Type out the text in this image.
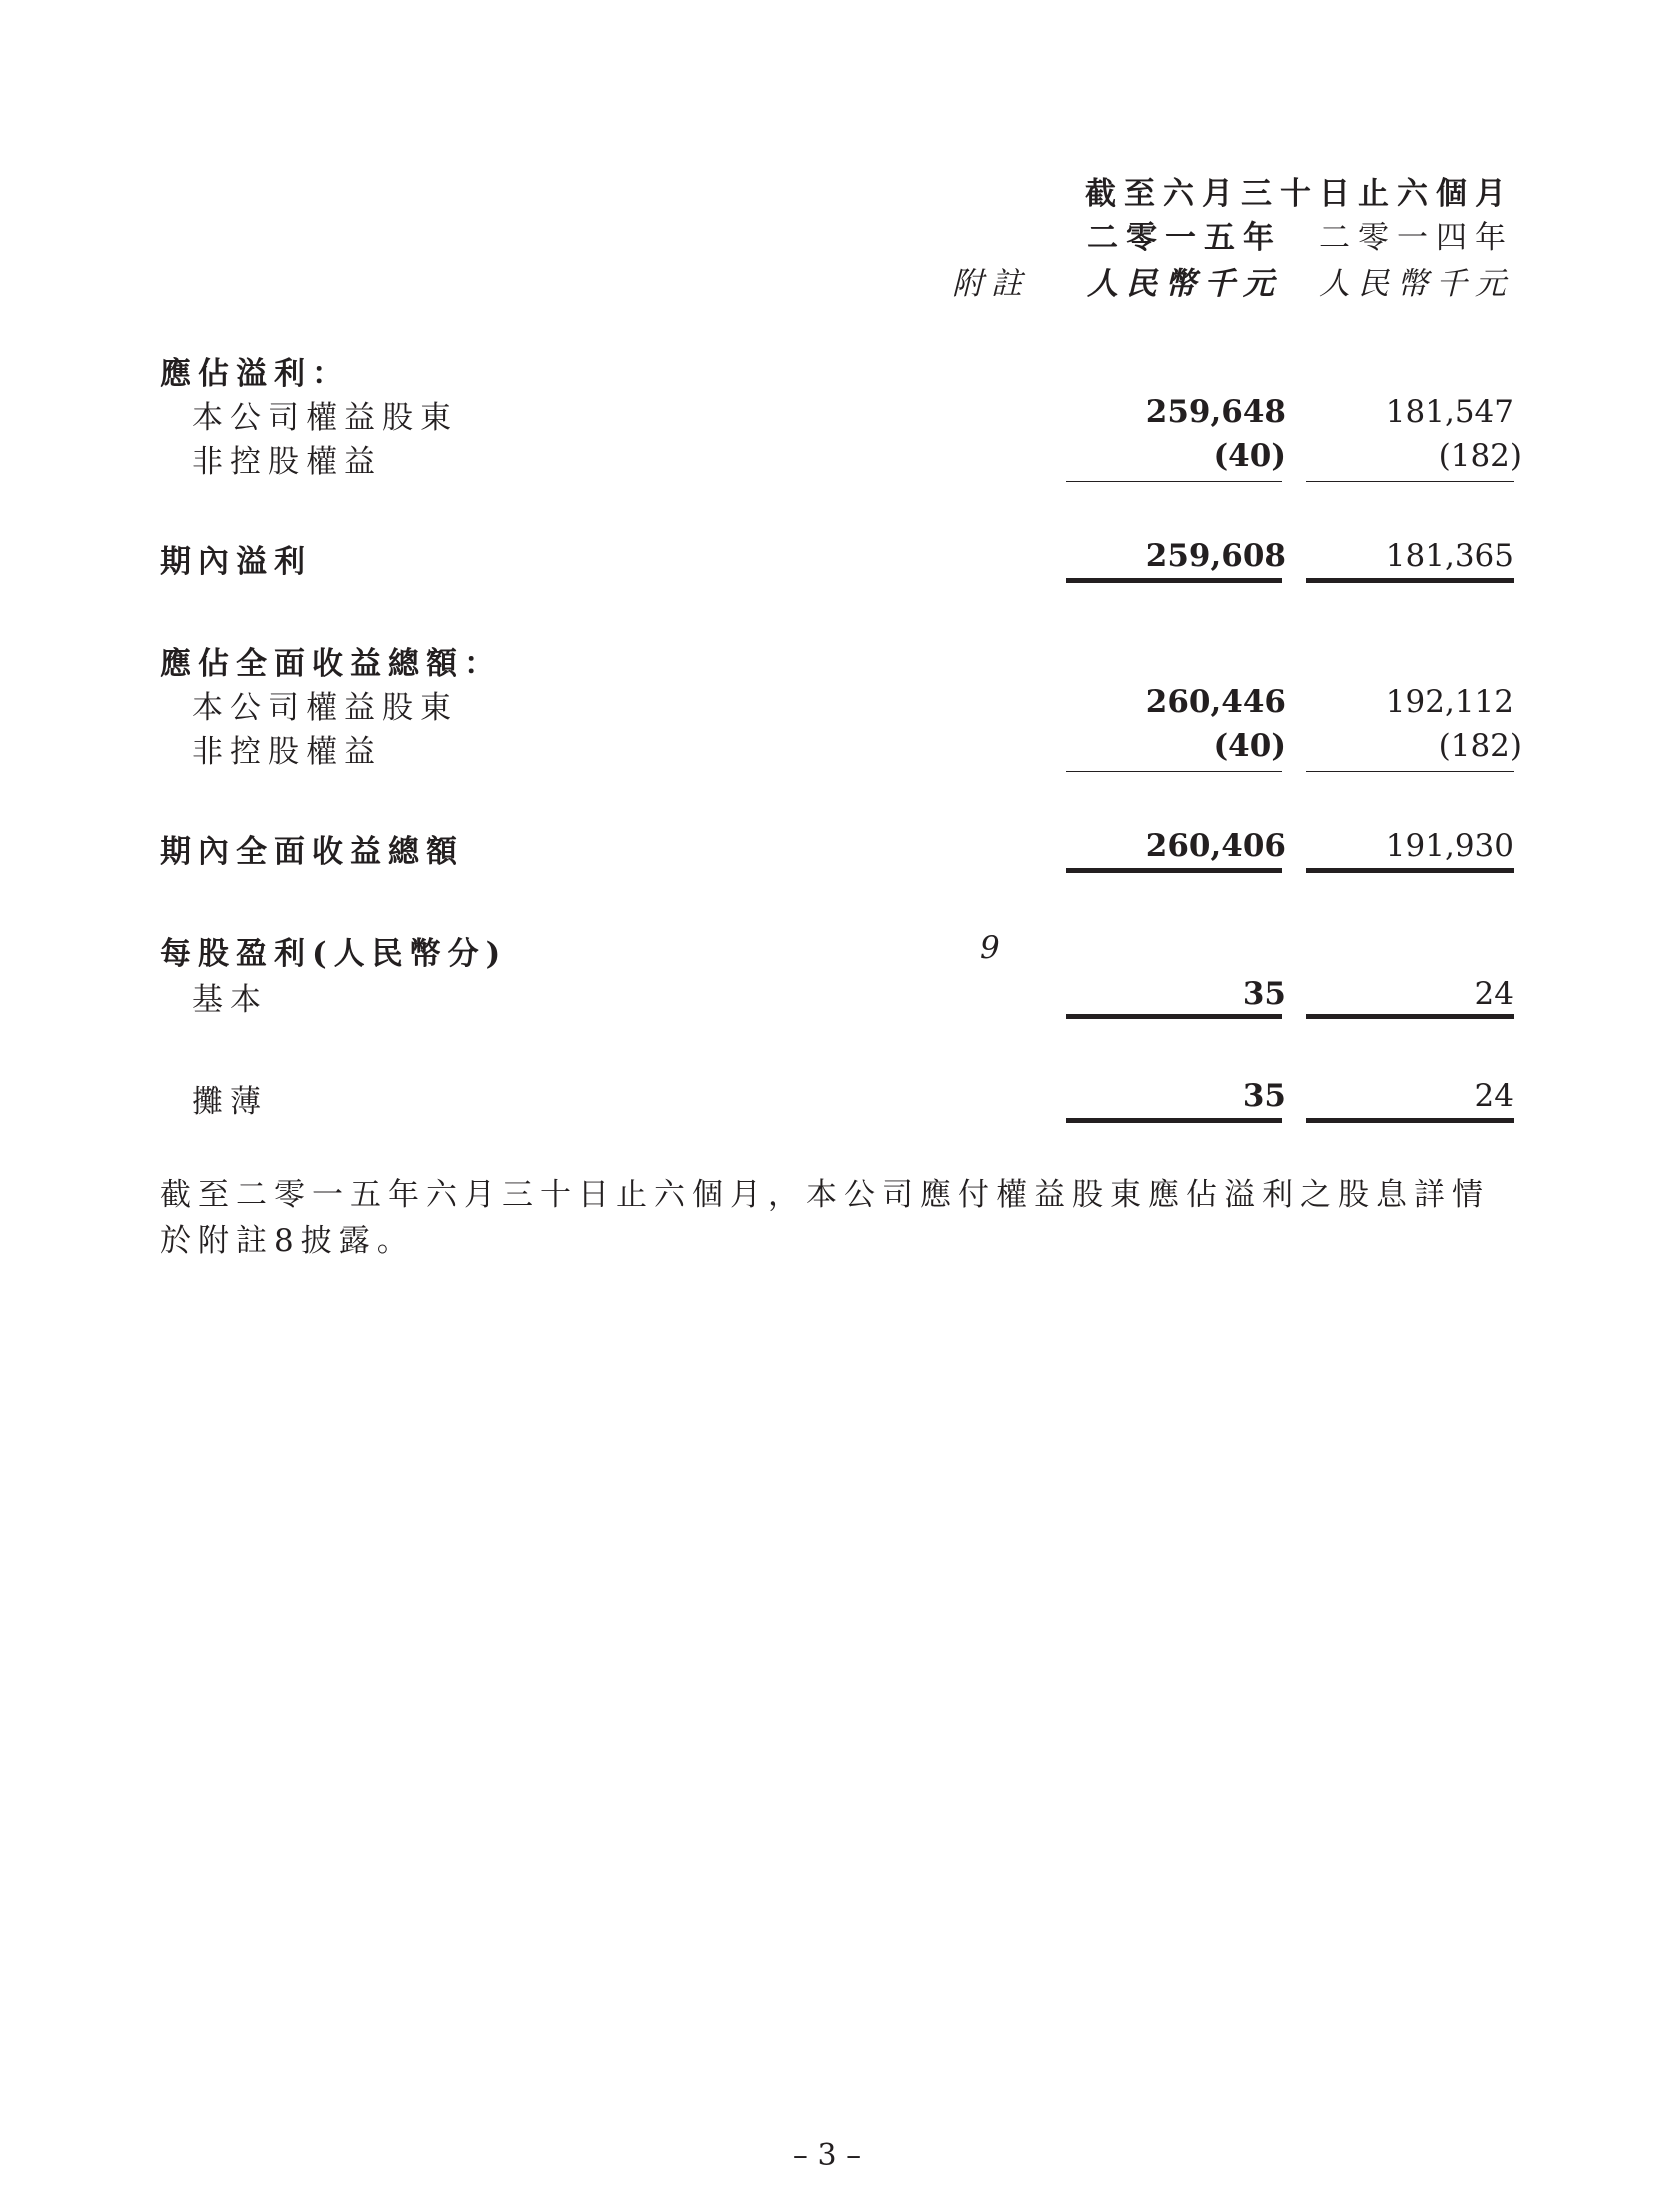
截至六月三十日止六個月
二零一五年	二零一四年
附註	人民幣千元	人民幣千元
應佔溢利：
本公司權益股東	259,648	181,547
非控股權益	(40)	(182)
期內溢利	259,608	181,365
應佔全面收益總額：
本公司權益股東	260,446	192,112
非控股權益	(40)	(182)
期內全面收益總額	260,406	191,930
每股盈利(人民幣分)	9
基本	35	24
攤薄	35	24
截至二零一五年六月三十日止六個月，本公司應付權益股東應佔溢利之股息詳情於附註8披露。
– 3 –
